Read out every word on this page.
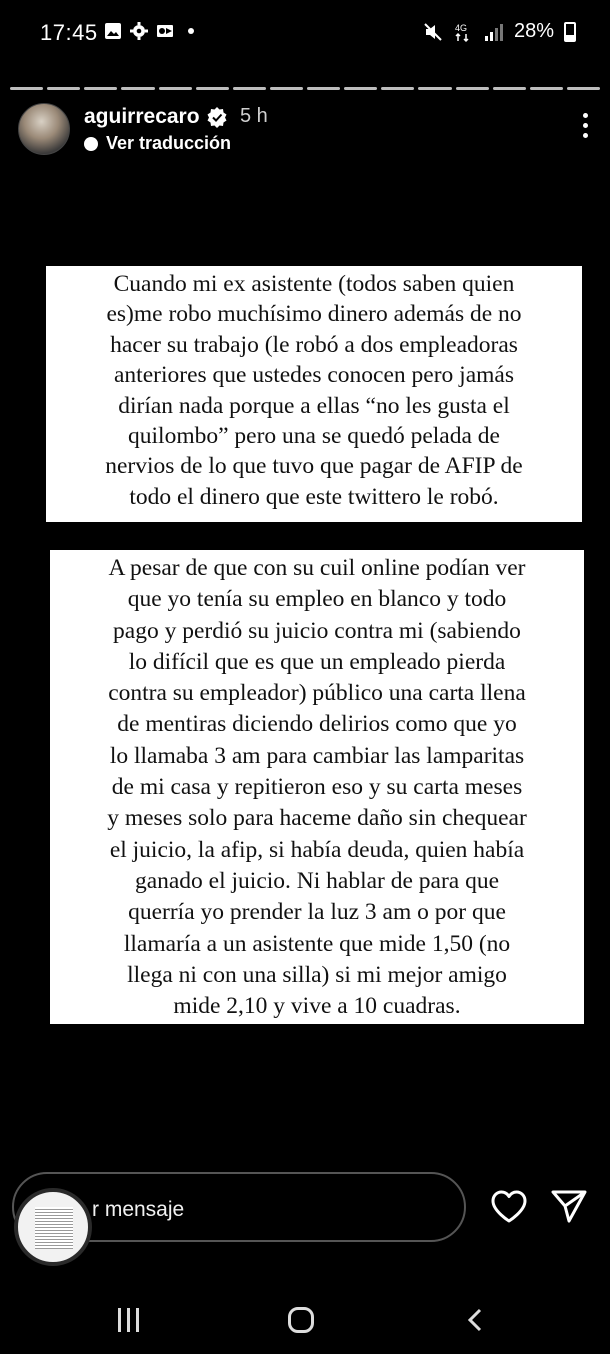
17:45	4G 28%
aguirrecaro 5 h
Ver traducción

Cuando mi ex asistente (todos saben quien
es)me robo muchísimo dinero además de no
hacer su trabajo (le robó a dos empleadoras
anteriores que ustedes conocen pero jamás
dirían nada porque a ellas “no les gusta el
quilombo” pero una se quedó pelada de
nervios de lo que tuvo que pagar de AFIP de
todo el dinero que este twittero le robó.

A pesar de que con su cuil online podían ver
que yo tenía su empleo en blanco y todo
pago y perdió su juicio contra mi (sabiendo
lo difícil que es que un empleado pierda
contra su empleador) público una carta llena
de mentiras diciendo delirios como que yo
lo llamaba 3 am para cambiar las lamparitas
de mi casa y repitieron eso y su carta meses
y meses solo para haceme daño sin chequear
el juicio, la afip, si había deuda, quien había
ganado el juicio. Ni hablar de para que
querría yo prender la luz 3 am o por que
llamaría a un asistente que mide 1,50 (no
llega ni con una silla) si mi mejor amigo
mide 2,10 y vive a 10 cuadras.

r mensaje
